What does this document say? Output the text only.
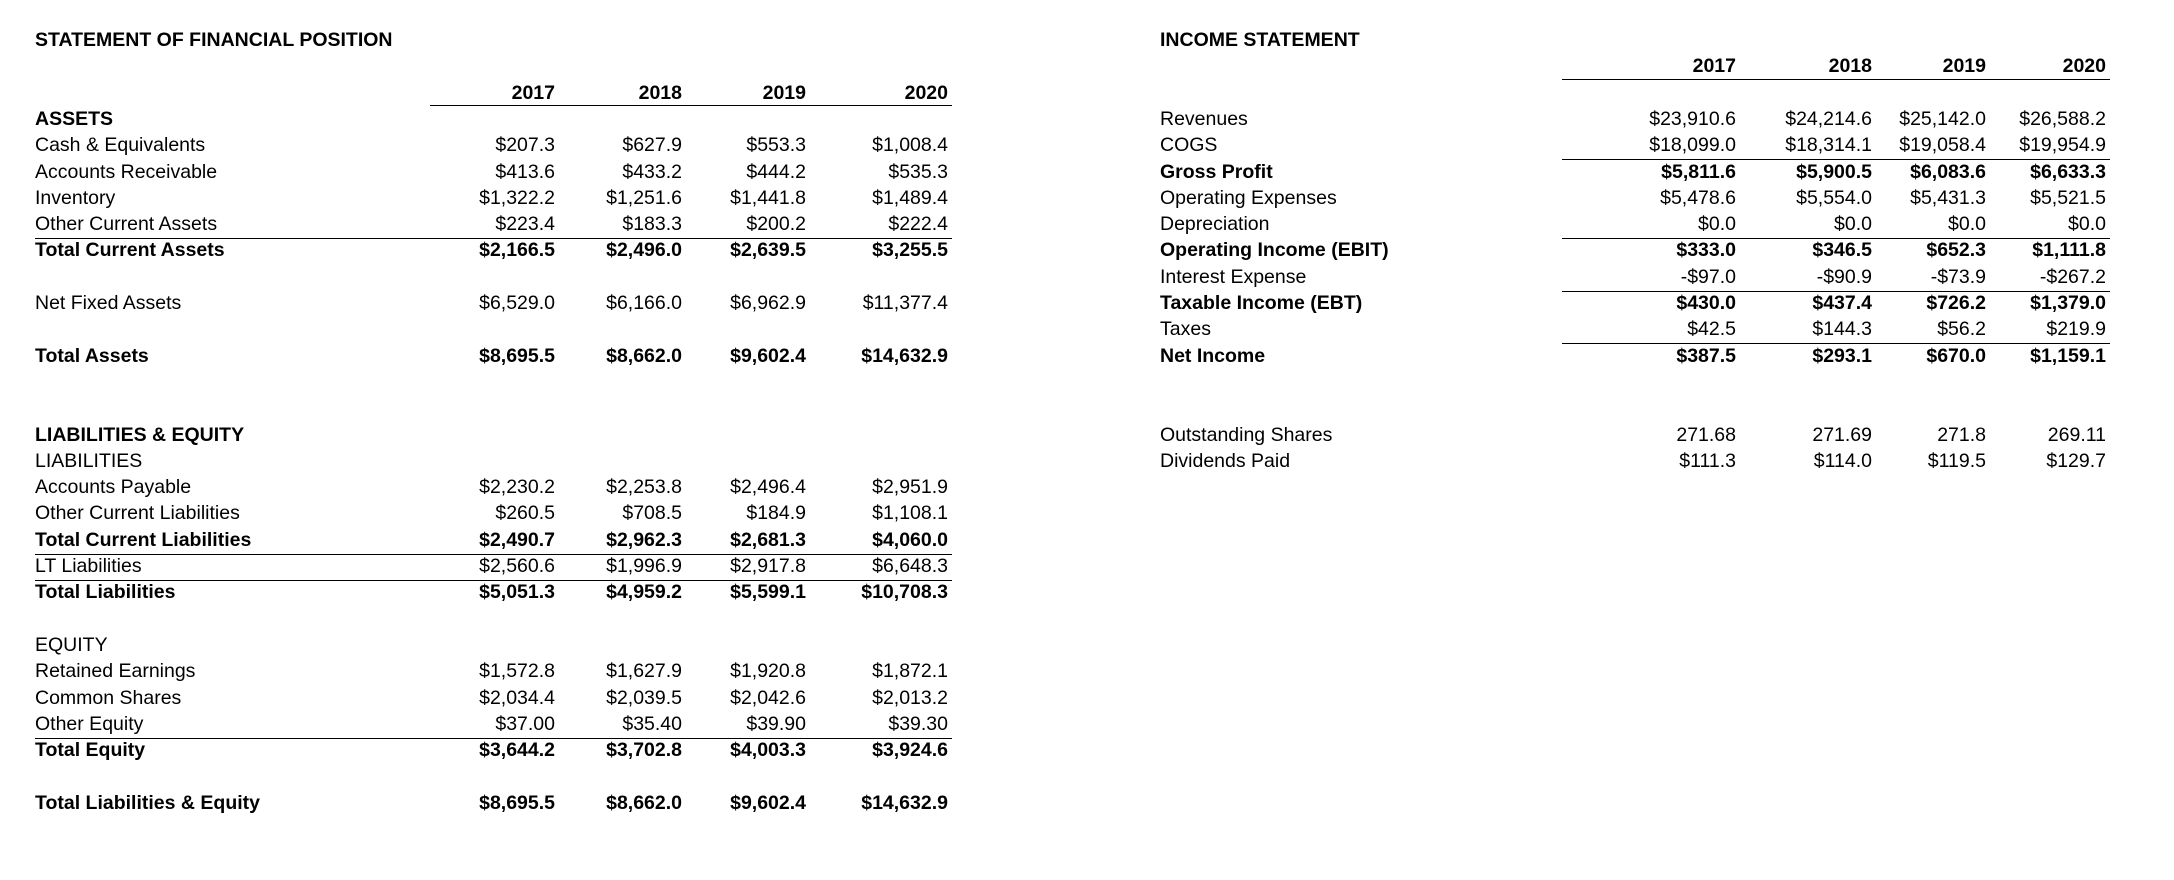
STATEMENT OF FINANCIAL POSITION
2017	2018	2019	2020
ASSETS
Cash & Equivalents	$207.3	$627.9	$553.3	$1,008.4
Accounts Receivable	$413.6	$433.2	$444.2	$535.3
Inventory	$1,322.2	$1,251.6	$1,441.8	$1,489.4
Other Current Assets	$223.4	$183.3	$200.2	$222.4
Total Current Assets	$2,166.5	$2,496.0	$2,639.5	$3,255.5
Net Fixed Assets	$6,529.0	$6,166.0	$6,962.9	$11,377.4
Total Assets	$8,695.5	$8,662.0	$9,602.4	$14,632.9
LIABILITIES & EQUITY
LIABILITIES
Accounts Payable	$2,230.2	$2,253.8	$2,496.4	$2,951.9
Other Current Liabilities	$260.5	$708.5	$184.9	$1,108.1
Total Current Liabilities	$2,490.7	$2,962.3	$2,681.3	$4,060.0
LT Liabilities	$2,560.6	$1,996.9	$2,917.8	$6,648.3
Total Liabilities	$5,051.3	$4,959.2	$5,599.1	$10,708.3
EQUITY
Retained Earnings	$1,572.8	$1,627.9	$1,920.8	$1,872.1
Common Shares	$2,034.4	$2,039.5	$2,042.6	$2,013.2
Other Equity	$37.00	$35.40	$39.90	$39.30
Total Equity	$3,644.2	$3,702.8	$4,003.3	$3,924.6
Total Liabilities & Equity	$8,695.5	$8,662.0	$9,602.4	$14,632.9
INCOME STATEMENT
2017	2018	2019	2020
Revenues	$23,910.6	$24,214.6	$25,142.0	$26,588.2
COGS	$18,099.0	$18,314.1	$19,058.4	$19,954.9
Gross Profit	$5,811.6	$5,900.5	$6,083.6	$6,633.3
Operating Expenses	$5,478.6	$5,554.0	$5,431.3	$5,521.5
Depreciation	$0.0	$0.0	$0.0	$0.0
Operating Income (EBIT)	$333.0	$346.5	$652.3	$1,111.8
Interest Expense	-$97.0	-$90.9	-$73.9	-$267.2
Taxable Income (EBT)	$430.0	$437.4	$726.2	$1,379.0
Taxes	$42.5	$144.3	$56.2	$219.9
Net Income	$387.5	$293.1	$670.0	$1,159.1
Outstanding Shares	271.68	271.69	271.8	269.11
Dividends Paid	$111.3	$114.0	$119.5	$129.7
